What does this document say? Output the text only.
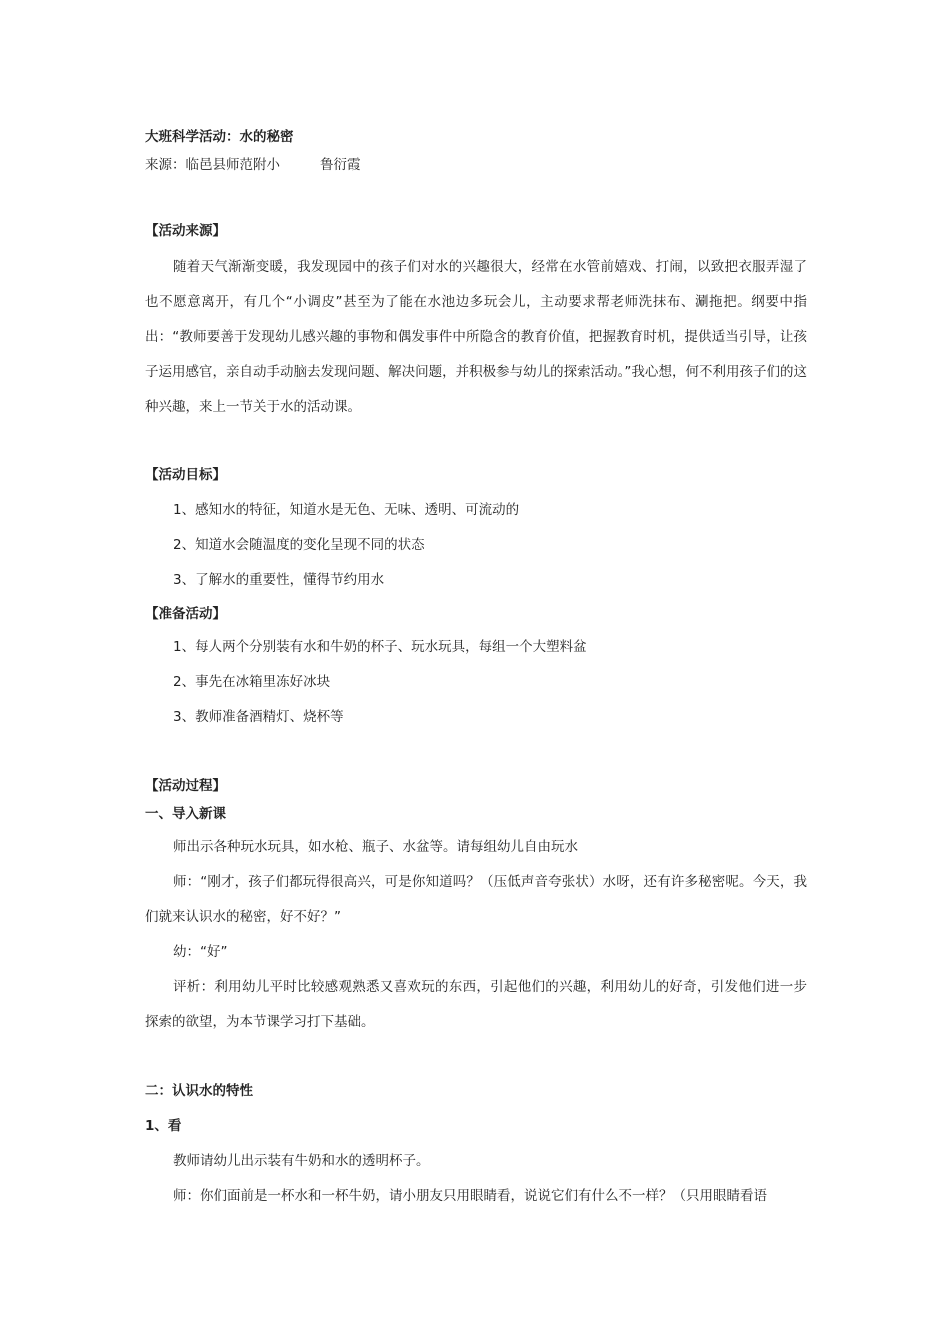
大班科学活动：水的秘密

来源：临邑县师范附小	鲁衍霞

【活动来源】

随着天气渐渐变暖，我发现园中的孩子们对水的兴趣很大，经常在水管前嬉戏、打闹，以致把衣服弄湿了也不愿意离开，有几个“小调皮”甚至为了能在水池边多玩会儿，主动要求帮老师洗抹布、涮拖把。纲要中指出：“教师要善于发现幼儿感兴趣的事物和偶发事件中所隐含的教育价值，把握教育时机，提供适当引导，让孩子运用感官，亲自动手动脑去发现问题、解决问题，并积极参与幼儿的探索活动。”我心想，何不利用孩子们的这种兴趣，来上一节关于水的活动课。

【活动目标】

1、感知水的特征，知道水是无色、无味、透明、可流动的

2、知道水会随温度的变化呈现不同的状态

3、了解水的重要性，懂得节约用水

【准备活动】

1、每人两个分别装有水和牛奶的杯子、玩水玩具，每组一个大塑料盆

2、事先在冰箱里冻好冰块

3、教师准备酒精灯、烧杯等

【活动过程】

一、导入新课

师出示各种玩水玩具，如水枪、瓶子、水盆等。请每组幼儿自由玩水

师：“刚才，孩子们都玩得很高兴，可是你知道吗？（压低声音夸张状）水呀，还有许多秘密呢。今天，我们就来认识水的秘密，好不好？”

幼：“好”

评析：利用幼儿平时比较感观熟悉又喜欢玩的东西，引起他们的兴趣，利用幼儿的好奇，引发他们进一步探索的欲望，为本节课学习打下基础。

二：认识水的特性

1、看

教师请幼儿出示装有牛奶和水的透明杯子。

师：你们面前是一杯水和一杯牛奶，请小朋友只用眼睛看，说说它们有什么不一样？（只用眼睛看语
